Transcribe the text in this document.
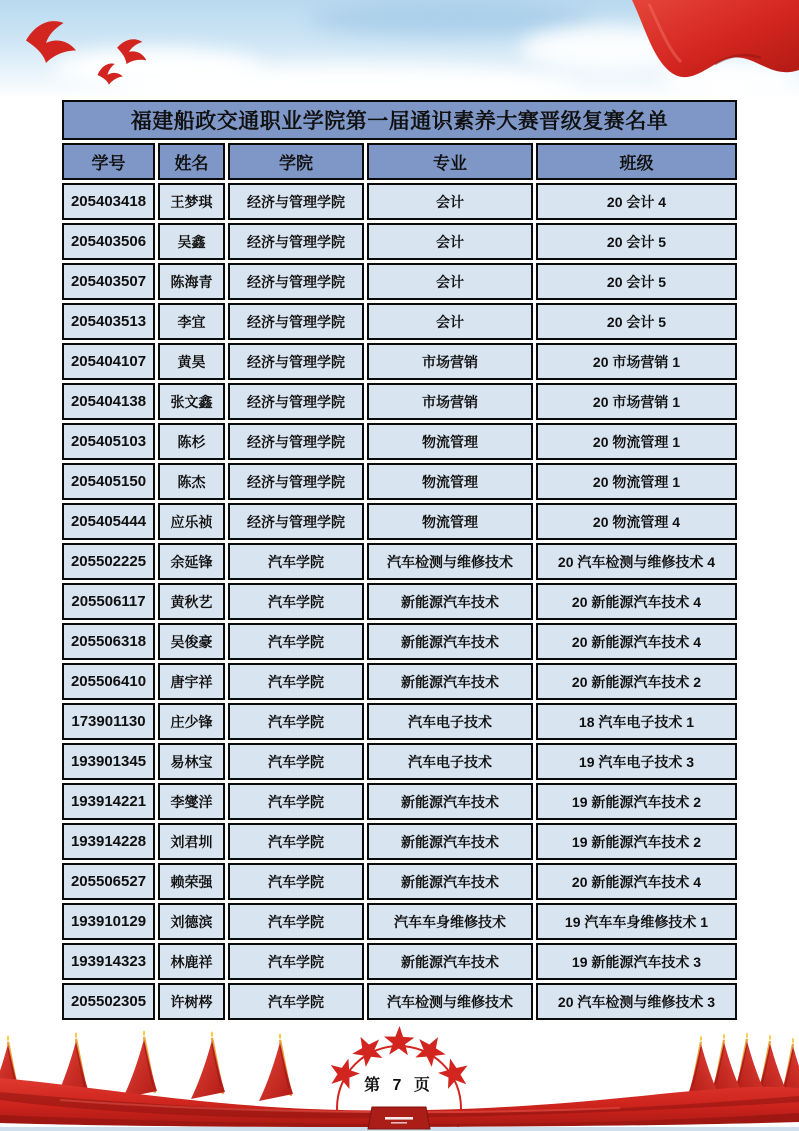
福建船政交通职业学院第一届通识素养大赛晋级复赛名单
学号	姓名	学院	专业	班级
205403418	王梦琪	经济与管理学院	会计	20 会计 4
205403506	吴鑫	经济与管理学院	会计	20 会计 5
205403507	陈海青	经济与管理学院	会计	20 会计 5
205403513	李宜	经济与管理学院	会计	20 会计 5
205404107	黄昊	经济与管理学院	市场营销	20 市场营销 1
205404138	张文鑫	经济与管理学院	市场营销	20 市场营销 1
205405103	陈杉	经济与管理学院	物流管理	20 物流管理 1
205405150	陈杰	经济与管理学院	物流管理	20 物流管理 1
205405444	应乐祯	经济与管理学院	物流管理	20 物流管理 4
205502225	余延锋	汽车学院	汽车检测与维修技术	20 汽车检测与维修技术 4
205506117	黄秋艺	汽车学院	新能源汽车技术	20 新能源汽车技术 4
205506318	吴俊豪	汽车学院	新能源汽车技术	20 新能源汽车技术 4
205506410	唐宇祥	汽车学院	新能源汽车技术	20 新能源汽车技术 2
173901130	庄少锋	汽车学院	汽车电子技术	18 汽车电子技术 1
193901345	易林宝	汽车学院	汽车电子技术	19 汽车电子技术 3
193914221	李燮洋	汽车学院	新能源汽车技术	19 新能源汽车技术 2
193914228	刘君圳	汽车学院	新能源汽车技术	19 新能源汽车技术 2
205506527	赖荣强	汽车学院	新能源汽车技术	20 新能源汽车技术 4
193910129	刘德滨	汽车学院	汽车车身维修技术	19 汽车车身维修技术 1
193914323	林鹿祥	汽车学院	新能源汽车技术	19 新能源汽车技术 3
205502305	许树梣	汽车学院	汽车检测与维修技术	20 汽车检测与维修技术 3
第 7 页
